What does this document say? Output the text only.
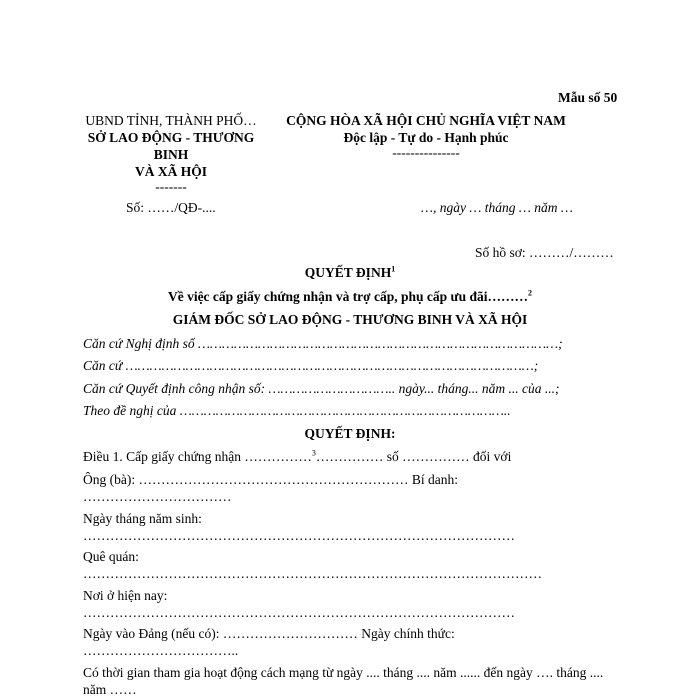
Mẫu số 50
UBND TỈNH, THÀNH PHỐ…
SỞ LAO ĐỘNG - THƯƠNG
BINH
VÀ XÃ HỘI
-------
CỘNG HÒA XÃ HỘI CHỦ NGHĨA VIỆT NAM
Độc lập - Tự do - Hạnh phúc
---------------
Số: ……/QĐ-....	…, ngày … tháng … năm …
Số hồ sơ: ………/………
QUYẾT ĐỊNH$^1$
Về việc cấp giấy chứng nhận và trợ cấp, phụ cấp ưu đãi………$^2$
GIÁM ĐỐC SỞ LAO ĐỘNG - THƯƠNG BINH VÀ XÃ HỘI
Căn cứ Nghị định số ………………………………………………………………………………;
Căn cứ …………………………………………………………………………………………;
Căn cứ Quyết định công nhận số: ………………………….. ngày... tháng... năm ... của ...;
Theo đề nghị của ………………………………………………………………………..
QUYẾT ĐỊNH:
Điều 1. Cấp giấy chứng nhận ……………$^3$…………… số …………… đối với
Ông (bà): …………………………………………………… Bí danh:
……………………………
Ngày tháng năm sinh:
……………………………………………………………………………………
Quê quán:
…………………………………………………………………………………………
Nơi ở hiện nay:
……………………………………………………………………………………
Ngày vào Đảng (nếu có): ………………………… Ngày chính thức:
……………………………..
Có thời gian tham gia hoạt động cách mạng từ ngày .... tháng .... năm ...... đến ngày …. tháng ....
năm ……
